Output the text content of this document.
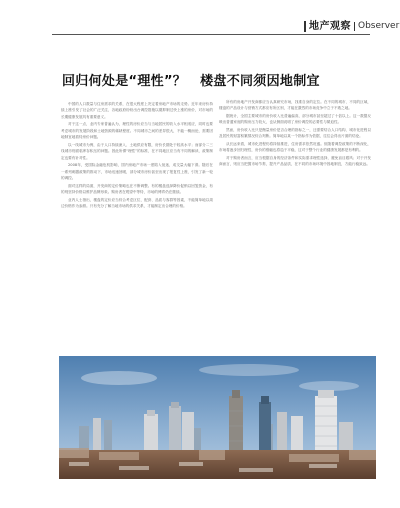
地产观察 Observer
回归何处是“理性”？ 楼盘不同须因地制宜

中国的人口数量与住房需求的关系，在很大程度上决定着房地产市场的走势。近年来房价持续上涨引发了社会的广泛关注，各地政府纷纷出台调控措施以期抑制过快上涨的房价，对市场的长期健康发展具有重要意义。

对于这一点，业内专家普遍认为，理性的房价应当与当地居民的收入水平相适应，同时也要考虑城市的发展阶段和土地资源的稀缺程度。不同城市之间的差异很大，不能一概而论，需要因地制宜地看待房价问题。

以一线城市为例，由于人口持续流入、土地供应有限，房价长期处于较高水平；而部分二三线城市则面临库存积压的问题。因此所谓“理性”的标准，在不同地区应当有不同的解读，政策制定也要有针对性。

2008年，受国际金融危机影响，国内房地产市场一度陷入低迷，成交量大幅下滑。随后在一系列刺激政策的推动下，市场迅速回暖，部分城市房价甚至出现了报复性上涨，引发了新一轮的调控。

面对这样的局面，开发商的定价策略也在不断调整。有的楼盘选择降价促销以回笼资金，有的则坚持价格以维护品牌形象。购房者在观望中等待，市场的博弈仍在继续。

业内人士指出，楼盘的定价应当综合考虑区位、配套、品质与客群等因素，不能简单地以周边价格作为参照。只有充分了解当地市场的供求关系，才能制定出合理的价格。

所有的房地产开发商都应当认真研究市场，找准自身的定位。在不同的城市、不同的区域，楼盘的产品设计与营销方式都应有所区别，才能在激烈的市场竞争中立于不败之地。

据统计，全国主要城市的房价收入比普遍偏高，部分城市甚至超过了十倍以上。这一数据反映出普通家庭的购房压力较大，也从侧面说明了房价调控的必要性与紧迫性。

然而，房价收入比只是衡量房价是否合理的指标之一，还需要结合人口结构、城市化进程以及居民的财富积累情况综合判断。简单地以某一个指标作为依据，往往会得出片面的结论。

从长远来看，城市化进程仍将持续推进，住房需求依然旺盛。但随着调控政策的不断深化，市场将逐步回归理性，房价的涨幅也将趋于平稳，这对于整个行业的健康发展都是有利的。

对于购房者而言，应当根据自身的经济条件和实际需求理性选择，避免盲目跟风；对于开发商而言，则应当把握市场节奏，提升产品品质，在不同的市场环境中因地制宜，方能行稳致远。
